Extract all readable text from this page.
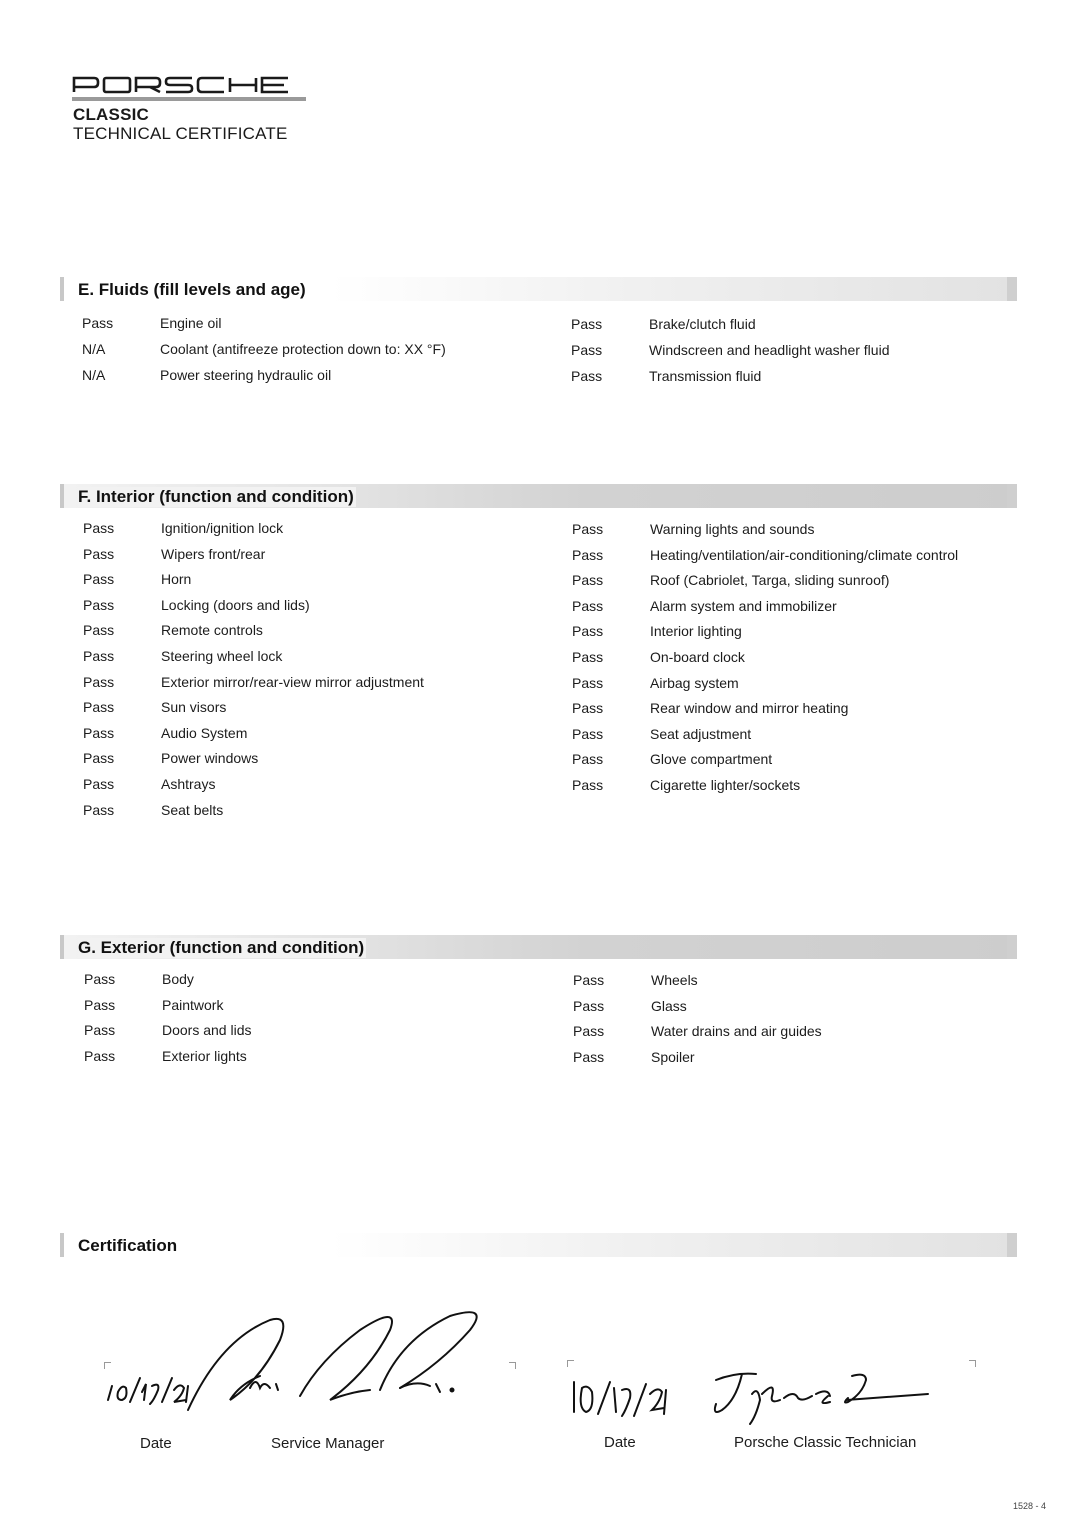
CLASSIC
TECHNICAL CERTIFICATE
E. Fluids (fill levels and age)
Pass	Engine oil
N/A	Coolant (antifreeze protection down to: XX °F)
N/A	Power steering hydraulic oil
Pass	Brake/clutch fluid
Pass	Windscreen and headlight washer fluid
Pass	Transmission fluid
F. Interior (function and condition)
Pass	Ignition/ignition lock
Pass	Wipers front/rear
Pass	Horn
Pass	Locking (doors and lids)
Pass	Remote controls
Pass	Steering wheel lock
Pass	Exterior mirror/rear-view mirror adjustment
Pass	Sun visors
Pass	Audio System
Pass	Power windows
Pass	Ashtrays
Pass	Seat belts
Pass	Warning lights and sounds
Pass	Heating/ventilation/air-conditioning/climate control
Pass	Roof (Cabriolet, Targa, sliding sunroof)
Pass	Alarm system and immobilizer
Pass	Interior lighting
Pass	On-board clock
Pass	Airbag system
Pass	Rear window and mirror heating
Pass	Seat adjustment
Pass	Glove compartment
Pass	Cigarette lighter/sockets
G. Exterior (function and condition)
Pass	Body
Pass	Paintwork
Pass	Doors and lids
Pass	Exterior lights
Pass	Wheels
Pass	Glass
Pass	Water drains and air guides
Pass	Spoiler
Certification
Date	Service Manager	Date	Porsche Classic Technician
1528 - 4
